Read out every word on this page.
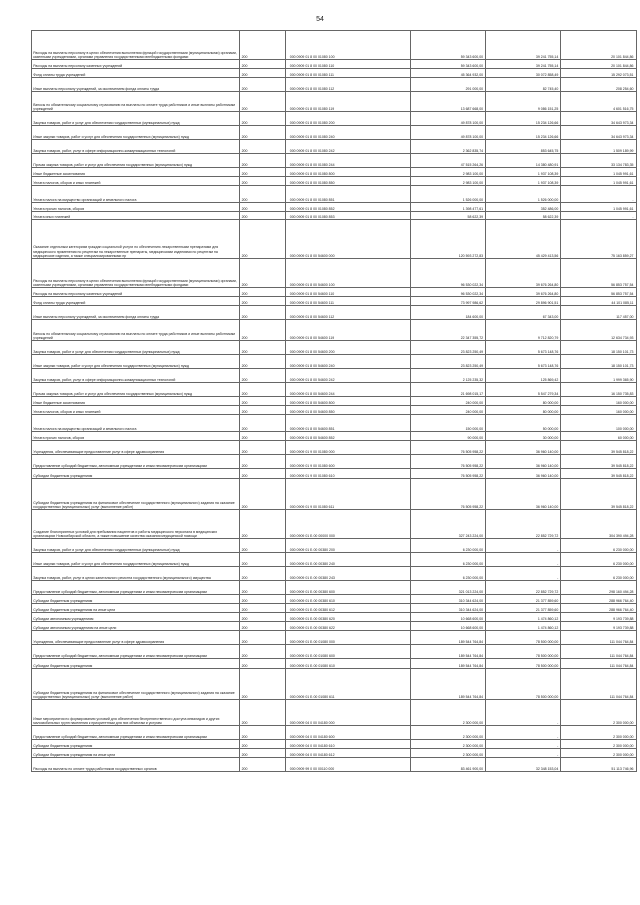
54
Расходы на выплаты персоналу в целях обеспечения выполнения функций государственными (муниципальными) органами, казенными учреждениями, органами управления государственными внебюджетными фондами	200	000 0909 01 8 00 01080 100	59 343 600,00	39 241 755,14	20 101 844,86
Расходы на выплаты персоналу казенных учреждений	200	000 0909 01 8 00 01080 110	59 343 600,00	39 241 755,14	20 101 844,86
Фонд оплаты труда учреждений	200	000 0909 01 8 00 01080 111	45 364 932,00	30 072 858,49	15 292 073,51
Иные выплаты персоналу учреждений, за исключением фонда оплаты труда	200	000 0909 01 8 00 01080 112	291 000,00	82 745,40	208 254,60
Взносы по обязательному социальному страхованию на выплаты по оплате труда работников и иные выплаты работникам учреждений	200	000 0909 01 8 00 01080 119	13 687 668,00	9 086 151,25	4 601 516,75
Закупка товаров, работ и услуг для обеспечения государственных (муниципальных) нужд	200	000 0909 01 8 00 01080 200	49 878 100,00	15 234 126,66	34 643 973,34
Иные закупки товаров, работ и услуг для обеспечения государственных (муниципальных) нужд	200	000 0909 01 8 00 01080 240	49 878 100,00	15 234 126,66	34 643 973,34
Закупка товаров, работ, услуг в сфере информационно-коммуникационных технологий	200	000 0909 01 8 00 01080 242	2 362 835,74	853 645,75	1 509 189,99
Прочая закупка товаров, работ и услуг для обеспечения государственных (муниципальных) нужд	200	000 0909 01 8 00 01080 244	47 515 264,26	14 380 480,91	33 134 783,35
Иные бюджетные ассигнования	200	000 0909 01 8 00 01080 800	2 983 100,00	1 937 108,39	1 045 991,61
Уплата налогов, сборов и иных платежей	200	000 0909 01 8 00 01080 850	2 983 100,00	1 937 108,39	1 045 991,61
Уплата налога на имущество организаций и земельного налога	200	000 0909 01 8 00 01080 851	1 526 000,00	1 526 000,00	-
Уплата прочих налогов, сборов	200	000 0909 01 8 00 01080 852	1 398 477,61	352 486,00	1 045 991,61
Уплата иных платежей	200	000 0909 01 8 00 01080 853	58 622,39	58 622,39	-
Оказание отдельным категориям граждан социальной услуги по обеспечению лекарственными препаратами для медицинского применения по рецептам на лекарственные препараты, медицинскими изделиями по рецептам на медицинские изделия, а также специализированными пр	200	000 0909 01 8 00 54600 000	120 593 272,83	45 429 413,56	75 163 859,27
Расходы на выплаты персоналу в целях обеспечения выполнения функций государственными (муниципальными) органами, казенными учреждениями, органами управления государственными внебюджетными фондами	200	000 0909 01 8 00 54600 100	96 530 022,34	39 676 264,80	56 853 757,54
Расходы на выплаты персоналу казенных учреждений	200	000 0909 01 8 00 54600 110	96 530 022,34	39 676 264,80	56 853 757,54
Фонд оплаты труда учреждений	200	000 0909 01 8 00 54600 111	73 997 986,62	29 896 901,51	44 101 085,11
Иные выплаты персоналу учреждений, за исключением фонда оплаты труда	200	000 0909 01 8 00 54600 112	184 600,00	67 343,00	117 457,00
Взносы по обязательному социальному страхованию на выплаты по оплате труда работников и иные выплаты работникам учреждений	200	000 0909 01 8 00 54600 119	22 347 355,72	9 712 820,79	12 634 734,93
Закупка товаров, работ и услуг для обеспечения государственных (муниципальных) нужд	200	000 0909 01 8 00 54600 200	23 823 250,49	5 673 148,76	18 150 101,73
Иные закупки товаров, работ и услуг для обеспечения государственных (муниципальных) нужд	200	000 0909 01 8 00 54600 240	23 823 250,49	5 673 148,76	18 150 101,73
Закупка товаров, работ, услуг в сфере информационно-коммуникационных технологий	200	000 0909 01 8 00 54600 242	2 125 235,32	125 869,42	1 999 365,90
Прочая закупка товаров, работ и услуг для обеспечения государственных (муниципальных) нужд	200	000 0909 01 8 00 54600 244	21 698 015,17	5 547 279,34	16 150 735,83
Иные бюджетные ассигнования	200	000 0909 01 8 00 54600 800	240 000,00	80 000,00	160 000,00
Уплата налогов, сборов и иных платежей	200	000 0909 01 8 00 54600 850	240 000,00	80 000,00	160 000,00
Уплата налога на имущество организаций и земельного налога	200	000 0909 01 8 00 54600 851	150 000,00	50 000,00	100 000,00
Уплата прочих налогов, сборов	200	000 0909 01 8 00 54600 852	90 000,00	30 000,00	60 000,00
Учреждения, обеспечивающие предоставление услуг в сфере здравоохранения	200	000 0909 01 9 00 01080 000	76 505 958,22	36 960 140,00	39 545 818,22
Предоставление субсидий бюджетным, автономным учреждениям и иным некоммерческим организациям	200	000 0909 01 9 00 01080 600	76 505 958,22	36 960 140,00	39 545 818,22
Субсидии бюджетным учреждениям	200	000 0909 01 9 00 01080 610	76 505 958,22	36 960 140,00	39 545 818,22
Субсидии бюджетным учреждениям на финансовое обеспечение государственного (муниципального) задания на оказание государственных (муниципальных) услуг (выполнение работ)	200	000 0909 01 9 00 01080 611	76 505 958,22	36 960 140,00	39 545 818,22
Создание благоприятных условий для пребывания пациентов и работы медицинского персонала в медицинских организациях Новосибирской области, а также повышение качества оказания медицинской помощи	200	000 0909 01 Б 00 00000 000	327 243 224,00	22 852 729,72	304 390 494,28
Закупка товаров, работ и услуг для обеспечения государственных (муниципальных) нужд	200	000 0909 01 Б 00 00380 200	6 230 000,00	-	6 230 000,00
Иные закупки товаров, работ и услуг для обеспечения государственных (муниципальных) нужд	200	000 0909 01 Б 00 00380 240	6 230 000,00	-	6 230 000,00
Закупка товаров, работ, услуг в целях капитального ремонта государственного (муниципального) имущества	200	000 0909 01 Б 00 00380 243	6 230 000,00	-	6 230 000,00
Предоставление субсидий бюджетным, автономным учреждениям и иным некоммерческим организациям	200	000 0909 01 Б 00 00380 600	321 013 224,00	22 852 729,72	298 160 494,28
Субсидии бюджетным учреждениям	200	000 0909 01 Б 00 00380 610	310 344 624,00	21 377 859,60	288 966 764,40
Субсидии бюджетным учреждениям на иные цели	200	000 0909 01 Б 00 00380 612	310 344 624,00	21 377 859,60	288 966 764,40
Субсидии автономным учреждениям	200	000 0909 01 Б 00 00380 620	10 668 600,00	1 474 860,12	9 193 739,88
Субсидии автономным учреждениям на иные цели	200	000 0909 01 Б 00 00380 622	10 668 600,00	1 474 860,12	9 193 739,88
Учреждения, обеспечивающие предоставление услуг в сфере здравоохранения	200	000 0909 01 Б 00 01080 000	189 544 764,84	78 500 000,00	111 044 764,84
Предоставление субсидий бюджетным, автономным учреждениям и иным некоммерческим организациям	200	000 0909 01 Б 00 01080 600	189 544 764,84	78 500 000,00	111 044 764,84
Субсидии бюджетным учреждениям	200	000 0909 01 Б 00 01080 610	189 544 764,84	78 500 000,00	111 044 764,84
Субсидии бюджетным учреждениям на финансовое обеспечение государственного (муниципального) задания на оказание государственных (муниципальных) услуг (выполнение работ)	200	000 0909 01 Б 00 01080 611	189 544 764,84	78 500 000,00	111 044 764,84
Иные мероприятия по формированию условий для обеспечения беспрепятственного доступа инвалидов и других маломобильных групп населения к приоритетным для них объектам и услугам	200	000 0909 04 0 00 04180 000	2 300 000,00	-	2 300 000,00
Предоставление субсидий бюджетным, автономным учреждениям и иным некоммерческим организациям	200	000 0909 04 0 00 04180 600	2 300 000,00	-	2 300 000,00
Субсидии бюджетным учреждениям	200	000 0909 04 0 00 04180 610	2 300 000,00	-	2 300 000,00
Субсидии бюджетным учреждениям на иные цели	200	000 0909 04 0 00 04180 612	2 300 000,00	-	2 300 000,00
Расходы на выплаты по оплате труда работников государственных органов	200	000 0909 99 0 00 00110 000	83 461 900,00	32 348 153,04	51 113 746,96
